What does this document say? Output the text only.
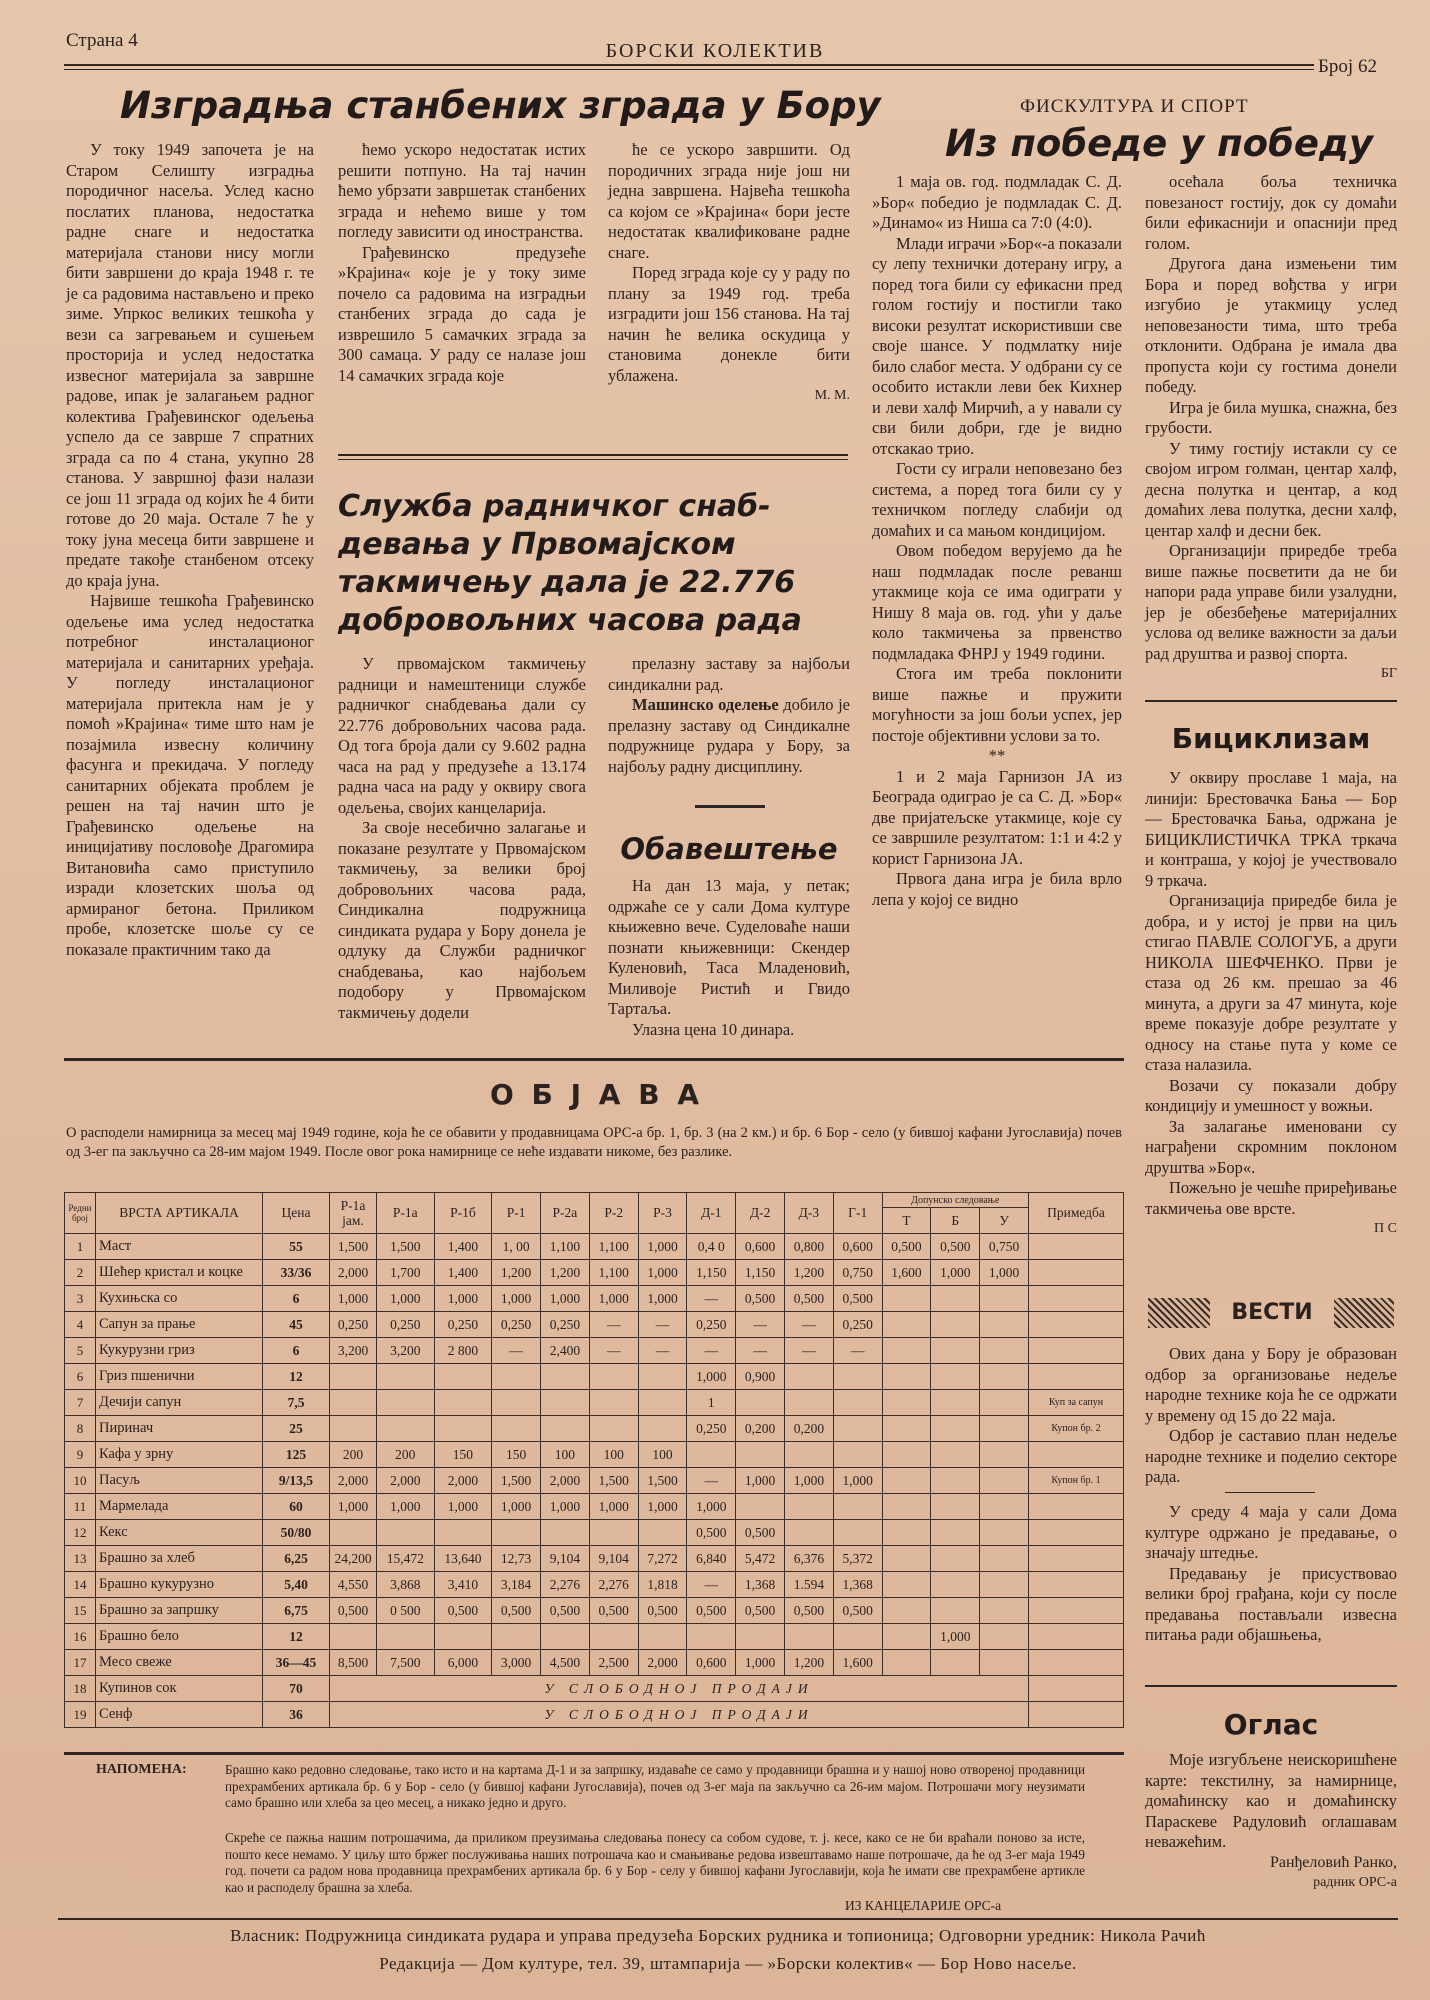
Страна 4	БОРСКИ КОЛЕКТИВ
Број 62
Изградња станбених зграда у Бору

У току 1949 започета је на Старом Селишту изградња породичног насеља. Услед касно послатих планова, недостатка радне снаге и недостатка материјала станови нису могли бити завршени до краја 1948 г. те је са радовима настављено и преко зиме. Упркос великих тешкоћа у вези са загревањем и сушењем просторија и услед недостатка извесног материјала за завршне радове, ипак је залагањем радног колектива Грађевинског одељења успело да се заврше 7 спратних зграда са по 4 стана, укупно 28 станова. У завршној фази налази се још 11 зграда од којих ће 4 бити готове до 20 маја. Остале 7 ће у току јуна месеца бити завршене и предате такође станбеном отсеку до краја јуна.

Највише тешкоћа Грађевинско одељење има услед недостатка потребног инсталационог материјала и санитарних уређаја. У погледу инсталационог материјала притекла нам је у помоћ »Крајина« тиме што нам је позајмила извесну количину фасунга и прекидача. У погледу санитарних објеката проблем је решен на тај начин што је Грађевинско одељење на иницијативу пословође Драгомира Витановића само приступило изради клозетских шоља од армираног бетона. Приликом пробе, клозетске шоље су се показале практичним тако да

ћемо ускоро недостатак истих решити потпуно. На тај начин ћемо убрзати завршетак станбених зграда и нећемо више у том погледу зависити од иностранства.

Грађевинско предузеће »Крајина« које је у току зиме почело са радовима на изградњи станбених зграда до сада је изврешило 5 самачких зграда за 300 самаца. У раду се налазе још 14 самачких зграда које

ће се ускоро завршити. Од породичних зграда није још ни једна завршена. Највећа тешкоћа са којом се »Крајина« бори јесте недостатак квалификоване радне снаге.

Поред зграда које су у раду по плану за 1949 год. треба изградити још 156 станова. На тај начин ће велика оскудица у становима донекле бити ублажена.

М. М.
Служба радничког снаб-
девања у Првомајском
такмичењу дала је 22.776
добровољних часова рада

У првомајском такмичењу радници и намештеници службе радничког снабдевања дали су 22.776 добровољних часова рада. Од тога броја дали су 9.602 радна часа на рад у предузеће а 13.174 радна часа на раду у оквиру свога одељења, својих канцеларија.

За своје несебично залагање и показане резултате у Првомајском такмичењу, за велики број добровољних часова рада, Синдикална подружница синдиката рудара у Бору донела је одлуку да Служби радничког снабдевања, као најбољем подобору у Првомајском такмичењу додели

прелазну заставу за најбољи синдикални рад.

Машинско оделење добило је прелазну заставу од Синдикалне подружнице рударa у Бору, за најбољу радну дисциплину.

Обавештење

На дан 13 маја, у петак; одржаће се у сали Дома културе књижевно вече. Суделоваће наши познати књижевници: Скендер Куленовић, Тасa Младеновић, Миливоје Ристић и Гвидо Тартаља.

Улазна цена 10 динара.

ФИСКУЛТУРА И СПОРТ
Из победе у победу

1 маја ов. год. подмладак С. Д. »Бор« победио је подмладак С. Д. »Динамо« из Ниша са 7:0 (4:0).

Млади играчи »Бор«-а показали су лепу технички дотерану игру, а поред тога били су ефикасни пред голом гостију и постигли тако високи резултат искористивши све своје шансе. У подмлатку није било слабог места. У одбрани су се особито истакли леви бек Кихнер и леви халф Мирчић, а у навали су сви били добри, где је видно отскакао трио.

Гости су играли неповезано без система, а поред тога били су у техничком погледу слабији од домаћих и са мањом кондицијом.

Овом победом верујемо да ће наш подмладак после реванш утакмице која се има одиграти у Нишу 8 маја ов. год. ући у даље коло такмичења за првенство подмладака ФНРЈ у 1949 години.

Стога им треба поклонити више пажње и пружити могућности за још бољи успех, јер постоје објективни услови за то.

**

1 и 2 маја Гарнизон ЈА из Београда одиграо је са С. Д. »Бор« две пријатељске утакмице, које су се завршиле резултатом: 1:1 и 4:2 у корист Гарнизона ЈА.

Првога дана игра је била врло лепа у којој се видно

осећала боља техничка повезаност гостију, док су домаћи били ефикаснији и опаснији пред голом.

Другога дана измењени тим Бора и поред вођства у игри изгубио је утакмицу услед неповезаности тима, што треба отклонити. Одбрана је имала два пропуста који су гостима донели победу.

Игра је била мушка, снажна, без грубости.

У тиму гостију истакли су се својом игром голман, центар халф, десна полутка и центар, а код домаћих лева полутка, десни халф, центар халф и десни бек.

Организацији приредбе треба више пажње посветити да не би напори рада управе били узалудни, јер је обезбеђење материјалних услова од велике важности за даљи рад друштва и развој спорта.

БГ
Бициклизам

У оквиру прославе 1 маја, на линији: Брестовачка Бања — Бор — Брестовачка Бања, одржана је БИЦИКЛИСТИЧКА ТРКА тркача и контраша, у којој је учествовало 9 тркача.

Организација приредбе била је добра, и у истој је први на циљ стигао ПАВЛЕ СОЛОГУБ, а други НИКОЛА ШЕФЧЕНКО. Први је стаза од 26 км. прешао за 46 минута, а други за 47 минута, које време показује добре резултате у односу на стање пута у коме се стаза налазила.

Возачи су показали добру кондицију и умешност у вожњи.

За залагање именовани су награђени скромним поклоном друштва »Бор«.

Пожељно је чешће приређивање такмичења ове врсте.

П С
ВЕСТИ

Ових дана у Бору је образован одбор за организовање недеље народне технике која ће се одржати у времену од 15 до 22 маја.

Одбор је саставио план недеље народне технике и поделио секторе рада.

У среду 4 маја у сали Дома културе одржано је предавање, о значају штедње.

Предавању је присуствовао велики број грађана, који су после предавања постављали извесна питања ради објашњења,

Оглас

Моје изгубљене неискоришћене карте: текстилну, за намирнице, домаћинску као и домаћинску Параскеве Радуловић оглашавам неважећим.

Ранђеловић Ранко,
радник ОРС-а
О Б Ј А В А
О расподели намирница за месец мај 1949 године, која ће се обавити у продавницама ОРС-а бр. 1, бр. 3 (на 2 км.) и бр. 6 Бор - село (у бившој кафани Југославија) почев од 3-ег па закључно са 28-им мајом 1949. После овог рока намирнице се неће издавати никоме, без разлике.
Редни број	ВРСТА АРТИКАЛА	Цена	Р-1а јам.	Р-1а	Р-1б	Р-1	Р-2а	Р-2	Р-3	Д-1	Д-2	Д-3	Г-1	Допунско следовање			Примедба
														Т	Б	У	
1	Маст	55	1,500	1,500	1,400	1, 00	1,100	1,100	1,000	0,4 0	0,600	0,800	0,600	0,500	0,500	0,750	
2	Шећер кристал и коцке	33/36	2,000	1,700	1,400	1,200	1,200	1,100	1,000	1,150	1,150	1,200	0,750	1,600	1,000	1,000	
3	Кухињска со	6	1,000	1,000	1,000	1,000	1,000	1,000	1,000	—	0,500	0,500	0,500				
4	Сапун за прање	45	0,250	0,250	0,250	0,250	0,250	—	—	0,250	—	—	0,250				
5	Кукурузни гриз	6	3,200	3,200	2 800	—	2,400	—	—	—	—	—	—				
6	Гриз пшенични	12								1,000	0,900						
7	Дечији сапун	7,5								1							Куп за сапун
8	Пиринач	25								0,250	0,200	0,200					Купон бр. 2
9	Кафа у зрну	125	200	200	150	150	100	100	100								
10	Пасуљ	9/13,5	2,000	2,000	2,000	1,500	2,000	1,500	1,500	—	1,000	1,000	1,000				Купон бр. 1
11	Мармелада	60	1,000	1,000	1,000	1,000	1,000	1,000	1,000	1,000							
12	Кекс	50/80								0,500	0,500						
13	Брашно за хлеб	6,25	24,200	15,472	13,640	12,73	9,104	9,104	7,272	6,840	5,472	6,376	5,372				
14	Брашно кукурузно	5,40	4,550	3,868	3,410	3,184	2,276	2,276	1,818	—	1,368	1.594	1,368				
15	Брашно за запршку	6,75	0,500	0 500	0,500	0,500	0,500	0,500	0,500	0,500	0,500	0,500	0,500				
16	Брашно бело	12													1,000		
17	Месо свеже	36—45	8,500	7,500	6,000	3,000	4,500	2,500	2,000	0,600	1,000	1,200	1,600				
18	Купинов сок	70	У СЛОБОДНОЈ ПРОДАЈИ														
19	Сенф	36	У СЛОБОДНОЈ ПРОДАЈИ														
НАПОМЕНА:	Брашно како редовно следовање, тако исто и на картама Д-1 и за запршку, издаваће се само у продавници брашна и у нашој ново отвореној продавници прехрамбених артикала бр. 6 у Бор - село (у бившој кафани Југославија), почев од 3-ег маја па закључно са 26-им мајом. Потрошачи могу неузимати само брашно или хлеба за цео месец, а никако једно и друго.
Скреће се пажња нашим потрошачима, да приликом преузимања следовања понесу са собом судове, т. ј. кесе, како се не би враћали поново за исте, пошто кесе немамо. У циљу што бржег послуживања наших потрошача као и смањивање редова извештавамо наше потрошаче, да ће од 3-ег маја 1949 год. почети са радом нова продавница прехрамбених артикала бр. 6 у Бор - селу у бившој кафани Југославији, која ће имати све прехрамбене артикле као и расподелу брашна за хлеба.
ИЗ КАНЦЕЛАРИЈЕ ОРС-а
Власник: Подружница синдиката рудара и управа предузећа Борских рудника и топионица; Одговорни уредник: Никола Рачић
Редакција — Дом културе, тел. 39, штампарија — »Борски колектив« — Бор Ново насеље.
